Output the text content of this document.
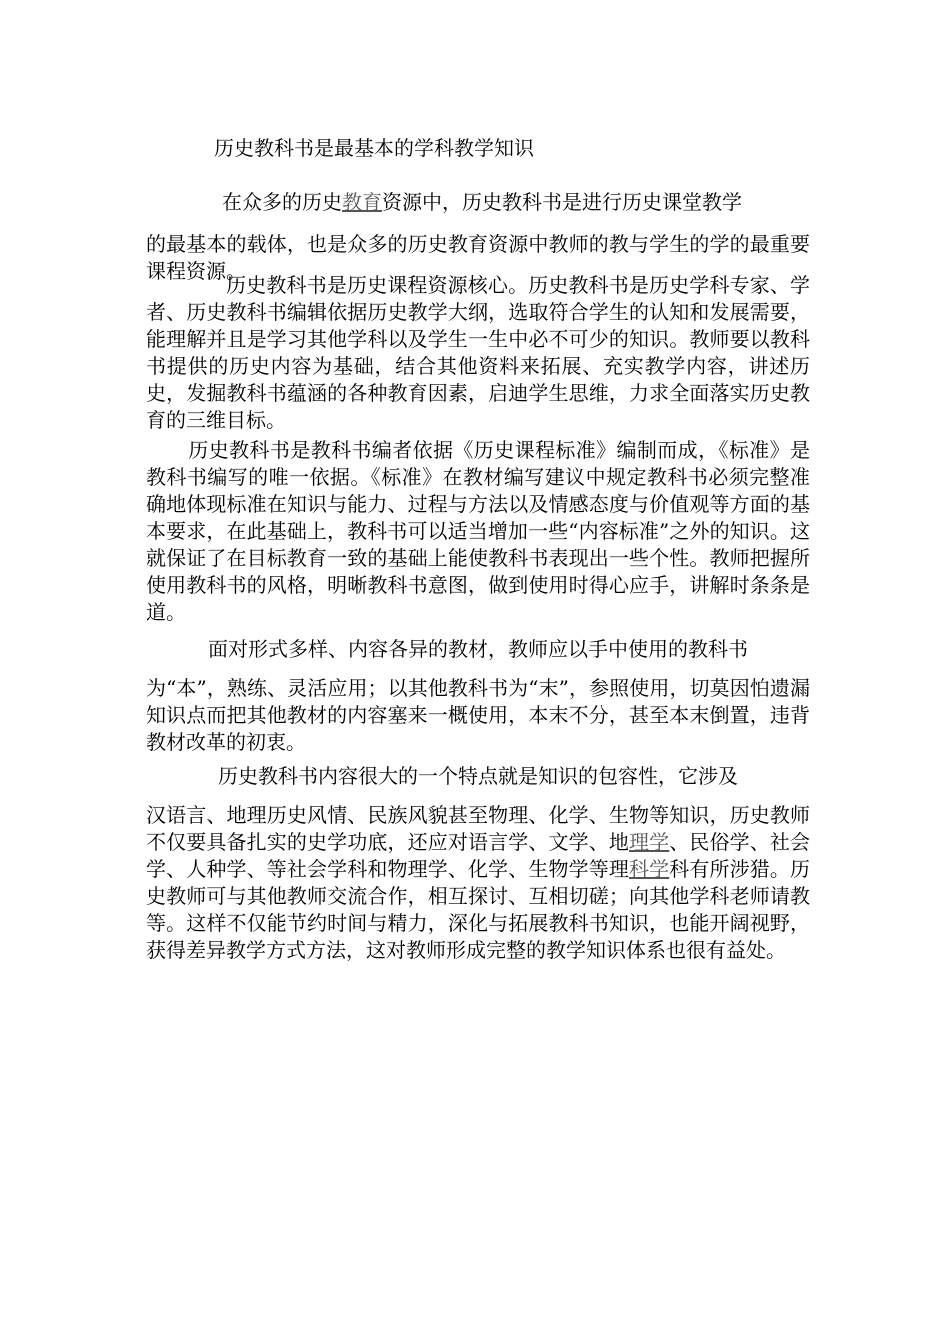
历史教科书是最基本的学科教学知识
在众多的历史教育资源中，历史教科书是进行历史课堂教学
的最基本的载体，也是众多的历史教育资源中教师的教与学生的学的最重要课程资源。
历史教科书是历史课程资源核心。历史教科书是历史学科专家、学者、历史教科书编辑依据历史教学大纲，选取符合学生的认知和发展需要，能理解并且是学习其他学科以及学生一生中必不可少的知识。教师要以教科书提供的历史内容为基础，结合其他资料来拓展、充实教学内容，讲述历史，发掘教科书蕴涵的各种教育因素，启迪学生思维，力求全面落实历史教育的三维目标。
历史教科书是教科书编者依据《历史课程标准》编制而成，《标准》是教科书编写的唯一依据。《标准》在教材编写建议中规定教科书必须完整准确地体现标准在知识与能力、过程与方法以及情感态度与价值观等方面的基本要求，在此基础上，教科书可以适当增加一些“内容标准”之外的知识。这就保证了在目标教育一致的基础上能使教科书表现出一些个性。教师把握所使用教科书的风格，明晰教科书意图，做到使用时得心应手，讲解时条条是道。
面对形式多样、内容各异的教材，教师应以手中使用的教科书
为“本”，熟练、灵活应用；以其他教科书为“末”，参照使用，切莫因怕遗漏知识点而把其他教材的内容塞来一概使用，本末不分，甚至本末倒置，违背教材改革的初衷。
历史教科书内容很大的一个特点就是知识的包容性，它涉及
汉语言、地理历史风情、民族风貌甚至物理、化学、生物等知识，历史教师不仅要具备扎实的史学功底，还应对语言学、文学、地理学、民俗学、社会学、人种学、等社会学科和物理学、化学、生物学等理科学科有所涉猎。历史教师可与其他教师交流合作，相互探讨、互相切磋；向其他学科老师请教等。这样不仅能节约时间与精力，深化与拓展教科书知识，也能开阔视野，获得差异教学方式方法，这对教师形成完整的教学知识体系也很有益处。
